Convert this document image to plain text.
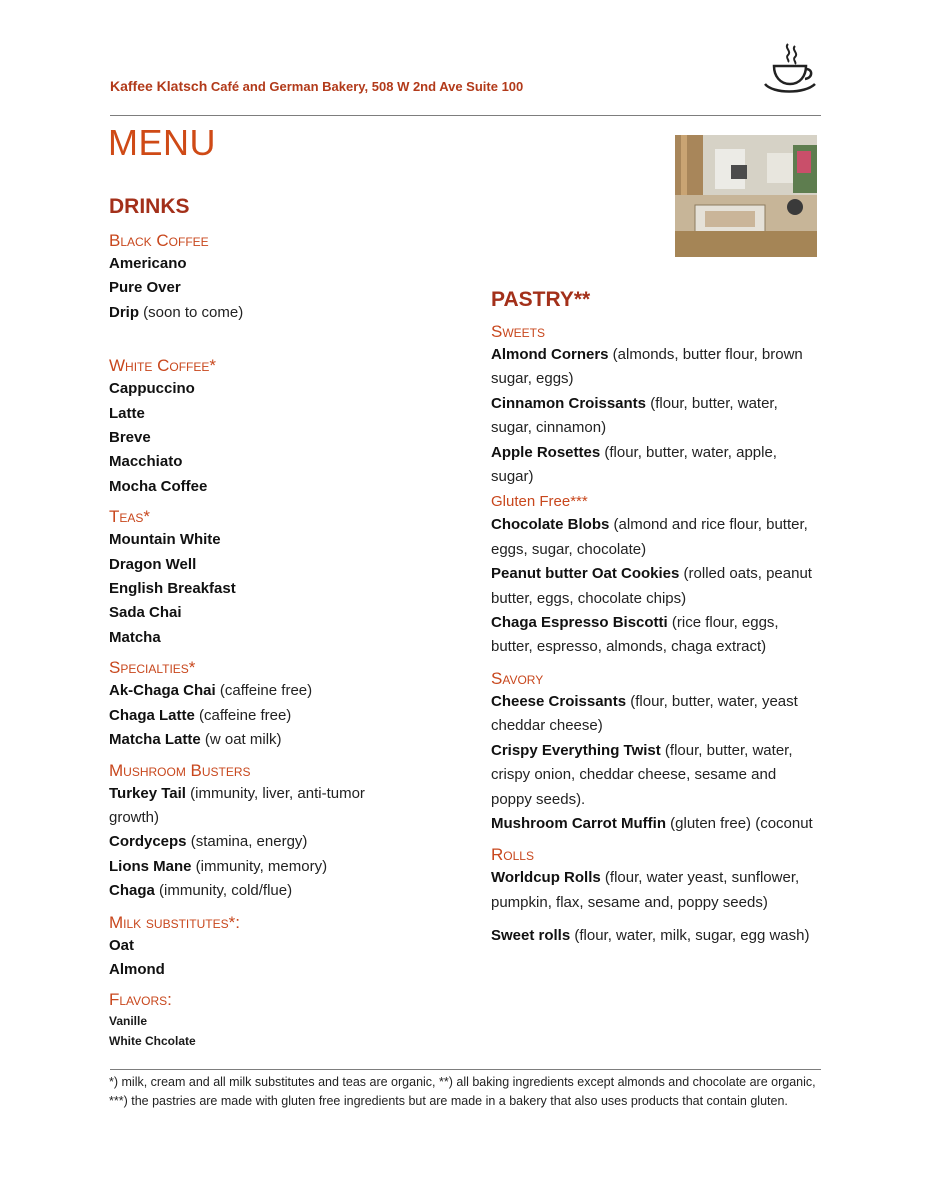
Kaffee Klatsch Café and German Bakery, 508 W 2nd Ave Suite 100
MENU
DRINKS
Black Coffee
Americano
Pure Over
Drip (soon to come)
White Coffee*
Cappuccino
Latte
Breve
Macchiato
Mocha Coffee
Teas*
Mountain White
Dragon Well
English Breakfast
Sada Chai
Matcha
Specialties*
Ak-Chaga Chai (caffeine free)
Chaga Latte (caffeine free)
Matcha Latte (w oat milk)
Mushroom Busters
Turkey Tail (immunity, liver, anti-tumor growth)
Cordyceps (stamina, energy)
Lions Mane (immunity, memory)
Chaga (immunity, cold/flue)
Milk substitutes*:
Oat
Almond
Flavors:
Vanille
White Chcolate
PASTRY**
Sweets
Almond Corners (almonds, butter flour, brown sugar, eggs)
Cinnamon Croissants (flour, butter, water, sugar, cinnamon)
Apple Rosettes (flour, butter, water, apple, sugar)
Gluten Free***
Chocolate Blobs (almond and rice flour, butter, eggs, sugar, chocolate)
Peanut butter Oat Cookies (rolled oats, peanut butter, eggs, chocolate chips)
Chaga Espresso Biscotti (rice flour, eggs, butter, espresso, almonds, chaga extract)
Savory
Cheese Croissants (flour, butter, water, yeast cheddar cheese)
Crispy Everything Twist (flour, butter, water, crispy onion, cheddar cheese, sesame and poppy seeds).
Mushroom Carrot Muffin (gluten free) (coconut
Rolls
Worldcup Rolls (flour, water yeast, sunflower, pumpkin, flax, sesame and, poppy seeds)
Sweet rolls (flour, water, milk, sugar, egg wash)
*) milk, cream and all milk substitutes and teas are organic, **) all baking ingredients except almonds and chocolate are organic, ***) the pastries are made with gluten free ingredients but are made in a bakery that also uses products that contain gluten.
